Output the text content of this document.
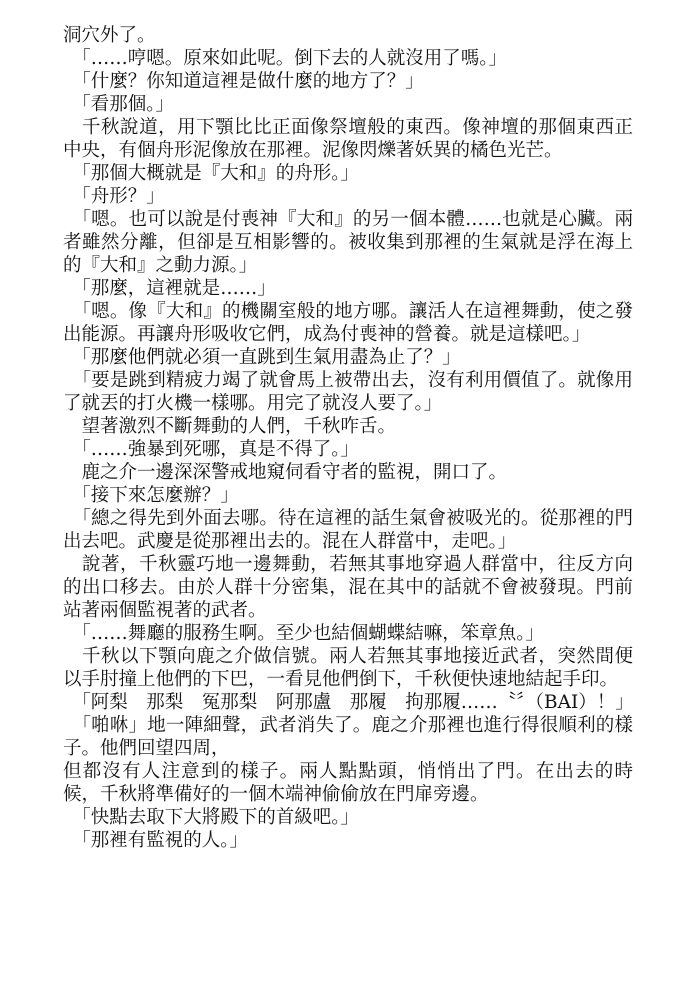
洞穴外了。

　「……哼嗯。原來如此呢。倒下去的人就沒用了嗎。」

　「什麼？你知道這裡是做什麼的地方了？」

　「看那個。」

　千秋說道，用下顎比比正面像祭壇般的東西。像神壇的那個東西正中央，有個舟形泥像放在那裡。泥像閃爍著妖異的橘色光芒。

　「那個大概就是『大和』的舟形。」

　「舟形？」

　「嗯。也可以說是付喪神『大和』的另一個本體……也就是心臟。兩者雖然分離，但卻是互相影響的。被收集到那裡的生氣就是浮在海上的『大和』之動力源。」

　「那麼，這裡就是……」

　「嗯。像『大和』的機關室般的地方哪。讓活人在這裡舞動，使之發出能源。再讓舟形吸收它們，成為付喪神的營養。就是這樣吧。」

　「那麼他們就必須一直跳到生氣用盡為止了？」

　「要是跳到精疲力竭了就會馬上被帶出去，沒有利用價值了。就像用了就丟的打火機一樣哪。用完了就沒人要了。」

　望著激烈不斷舞動的人們，千秋咋舌。

　「……強暴到死哪，真是不得了。」

　鹿之介一邊深深警戒地窺伺看守者的監視，開口了。

　「接下來怎麼辦？」

　「總之得先到外面去哪。待在這裡的話生氣會被吸光的。從那裡的門出去吧。武慶是從那裡出去的。混在人群當中，走吧。」

　說著，千秋靈巧地一邊舞動，若無其事地穿過人群當中，往反方向的出口移去。由於人群十分密集，混在其中的話就不會被發現。門前站著兩個監視著的武者。

　「……舞廳的服務生啊。至少也結個蝴蝶結嘛，笨章魚。」

　千秋以下顎向鹿之介做信號。兩人若無其事地接近武者，突然間便以手肘撞上他們的下巴，一看見他們倒下，千秋便快速地結起手印。

　「阿梨　那梨　冤那梨　阿那盧　那履　拘那履……〝〞（BAI）！」

　「啪咻」地一陣細聲，武者消失了。鹿之介那裡也進行得很順利的樣子。他們回望四周，

但都沒有人注意到的樣子。兩人點點頭，悄悄出了門。在出去的時候，千秋將準備好的一個木端神偷偷放在門扉旁邊。

　「快點去取下大將殿下的首級吧。」

　「那裡有監視的人。」
